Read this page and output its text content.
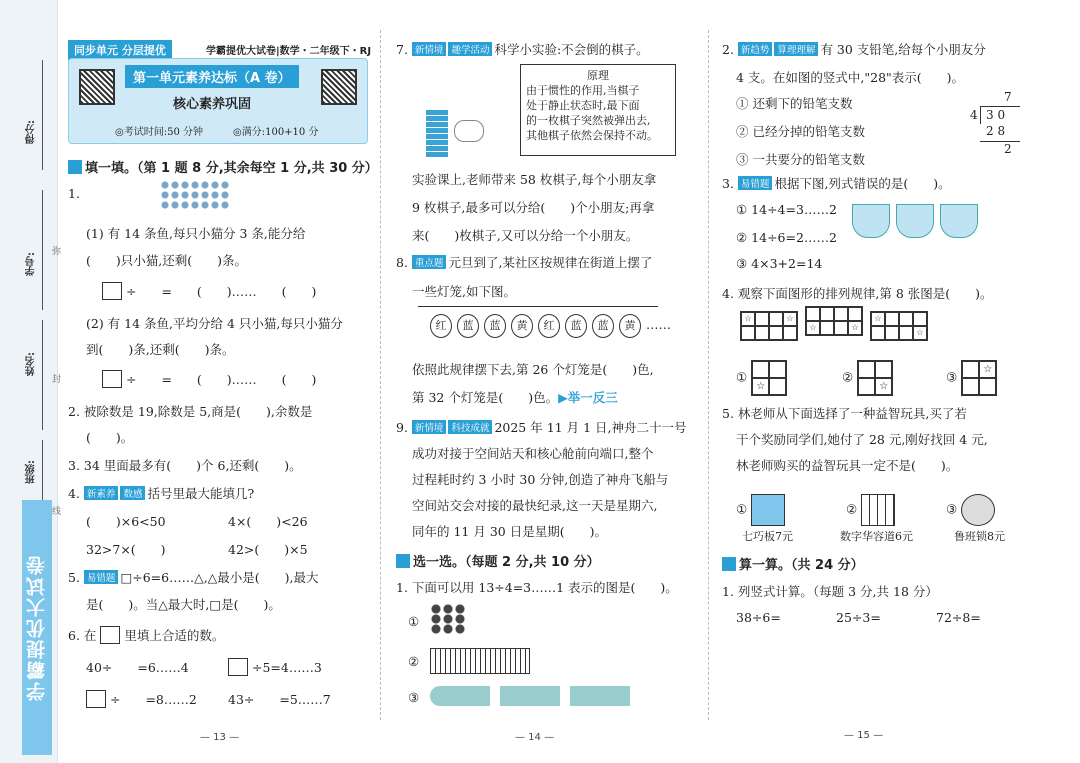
得分:
学号:
姓名:
班级:
弥
封
线
学霸提优大试卷
同步单元 分层提优	学霸提优大试卷|数学・二年级下・RJ
第一单元素养达标（A 卷）
核心素养巩固
◎考试时间:50 分钟	◎满分:100+10 分
填一填。（第 1 题 8 分,其余每空 1 分,共 30 分）
1.
(1) 有 14 条鱼,每只小猫分 3 条,能分给
(　　)只小猫,还剩(　　)条。
÷　　=　　(　　)……　　(　　)
(2) 有 14 条鱼,平均分给 4 只小猫,每只小猫分
到(　　)条,还剩(　　)条。
÷　　=　　(　　)……　　(　　)
2. 被除数是 19,除数是 5,商是(　　),余数是
(　　)。
3. 34 里面最多有(　　)个 6,还剩(　　)。
4. 新素养 数感 括号里最大能填几?
(　　)×6<50	4×(　　)<26
32>7×(　　)	42>(　　)×5
5. 易错题 □÷6=6……△,△最小是(　　),最大
是(　　)。当△最大时,□是(　　)。
6. 在 里填上合适的数。
40÷　　=6……4	÷5=4……3
÷　　=8……2 43÷　　=5……7
— 13 —
7. 新情境 趣学活动 科学小实验:不会倒的棋子。
原理
由于惯性的作用,当棋子
处于静止状态时,最下面
的一枚棋子突然被弹出去,
其他棋子依然会保持不动。
实验课上,老师带来 58 枚棋子,每个小朋友拿
9 枚棋子,最多可以分给(　　)个小朋友;再拿
来(　　)枚棋子,又可以分给一个小朋友。
8. 重点题 元旦到了,某社区按规律在街道上摆了
一些灯笼,如下图。
红 蓝 蓝 黄 红 蓝 蓝 黄 ……
依照此规律摆下去,第 26 个灯笼是(　　)色,
第 32 个灯笼是(　　)色。▶举一反三
9. 新情境 科技成就 2025 年 11 月 1 日,神舟二十一号
成功对接于空间站天和核心舱前向端口,整个
过程耗时约 3 小时 30 分钟,创造了神舟飞船与
空间站交会对接的最快纪录,这一天是星期六,
同年的 11 月 30 日是星期(　　)。
选一选。（每题 2 分,共 10 分）
1. 下面可以用 13÷4=3……1 表示的图是(　　)。
①
②
③
— 14 —
2. 新趋势 算理理解 有 30 支铅笔,给每个小朋友分
4 支。在如图的竖式中,"28"表示(　　)。
① 还剩下的铅笔支数
② 已经分掉的铅笔支数
③ 一共要分的铅笔支数
7
4 3 0
2 8
2
3. 易错题 根据下图,列式错误的是(　　)。
① 14÷4=3……2
② 14÷6=2……2
③ 4×3+2=14
4. 观察下面图形的排列规律,第 8 张图是(　　)。
☆	☆

☆	☆

☆
☆
①
☆
②
☆
③	☆
5. 林老师从下面选择了一种益智玩具,买了若
干个奖励同学们,她付了 28 元,刚好找回 4 元,
林老师购买的益智玩具一定不是(　　)。
①
七巧板7元
②
数字华容道6元
③
鲁班锁8元
算一算。（共 24 分）
1. 列竖式计算。（每题 3 分,共 18 分）
38÷6=	25÷3=	72÷8=
— 15 —
